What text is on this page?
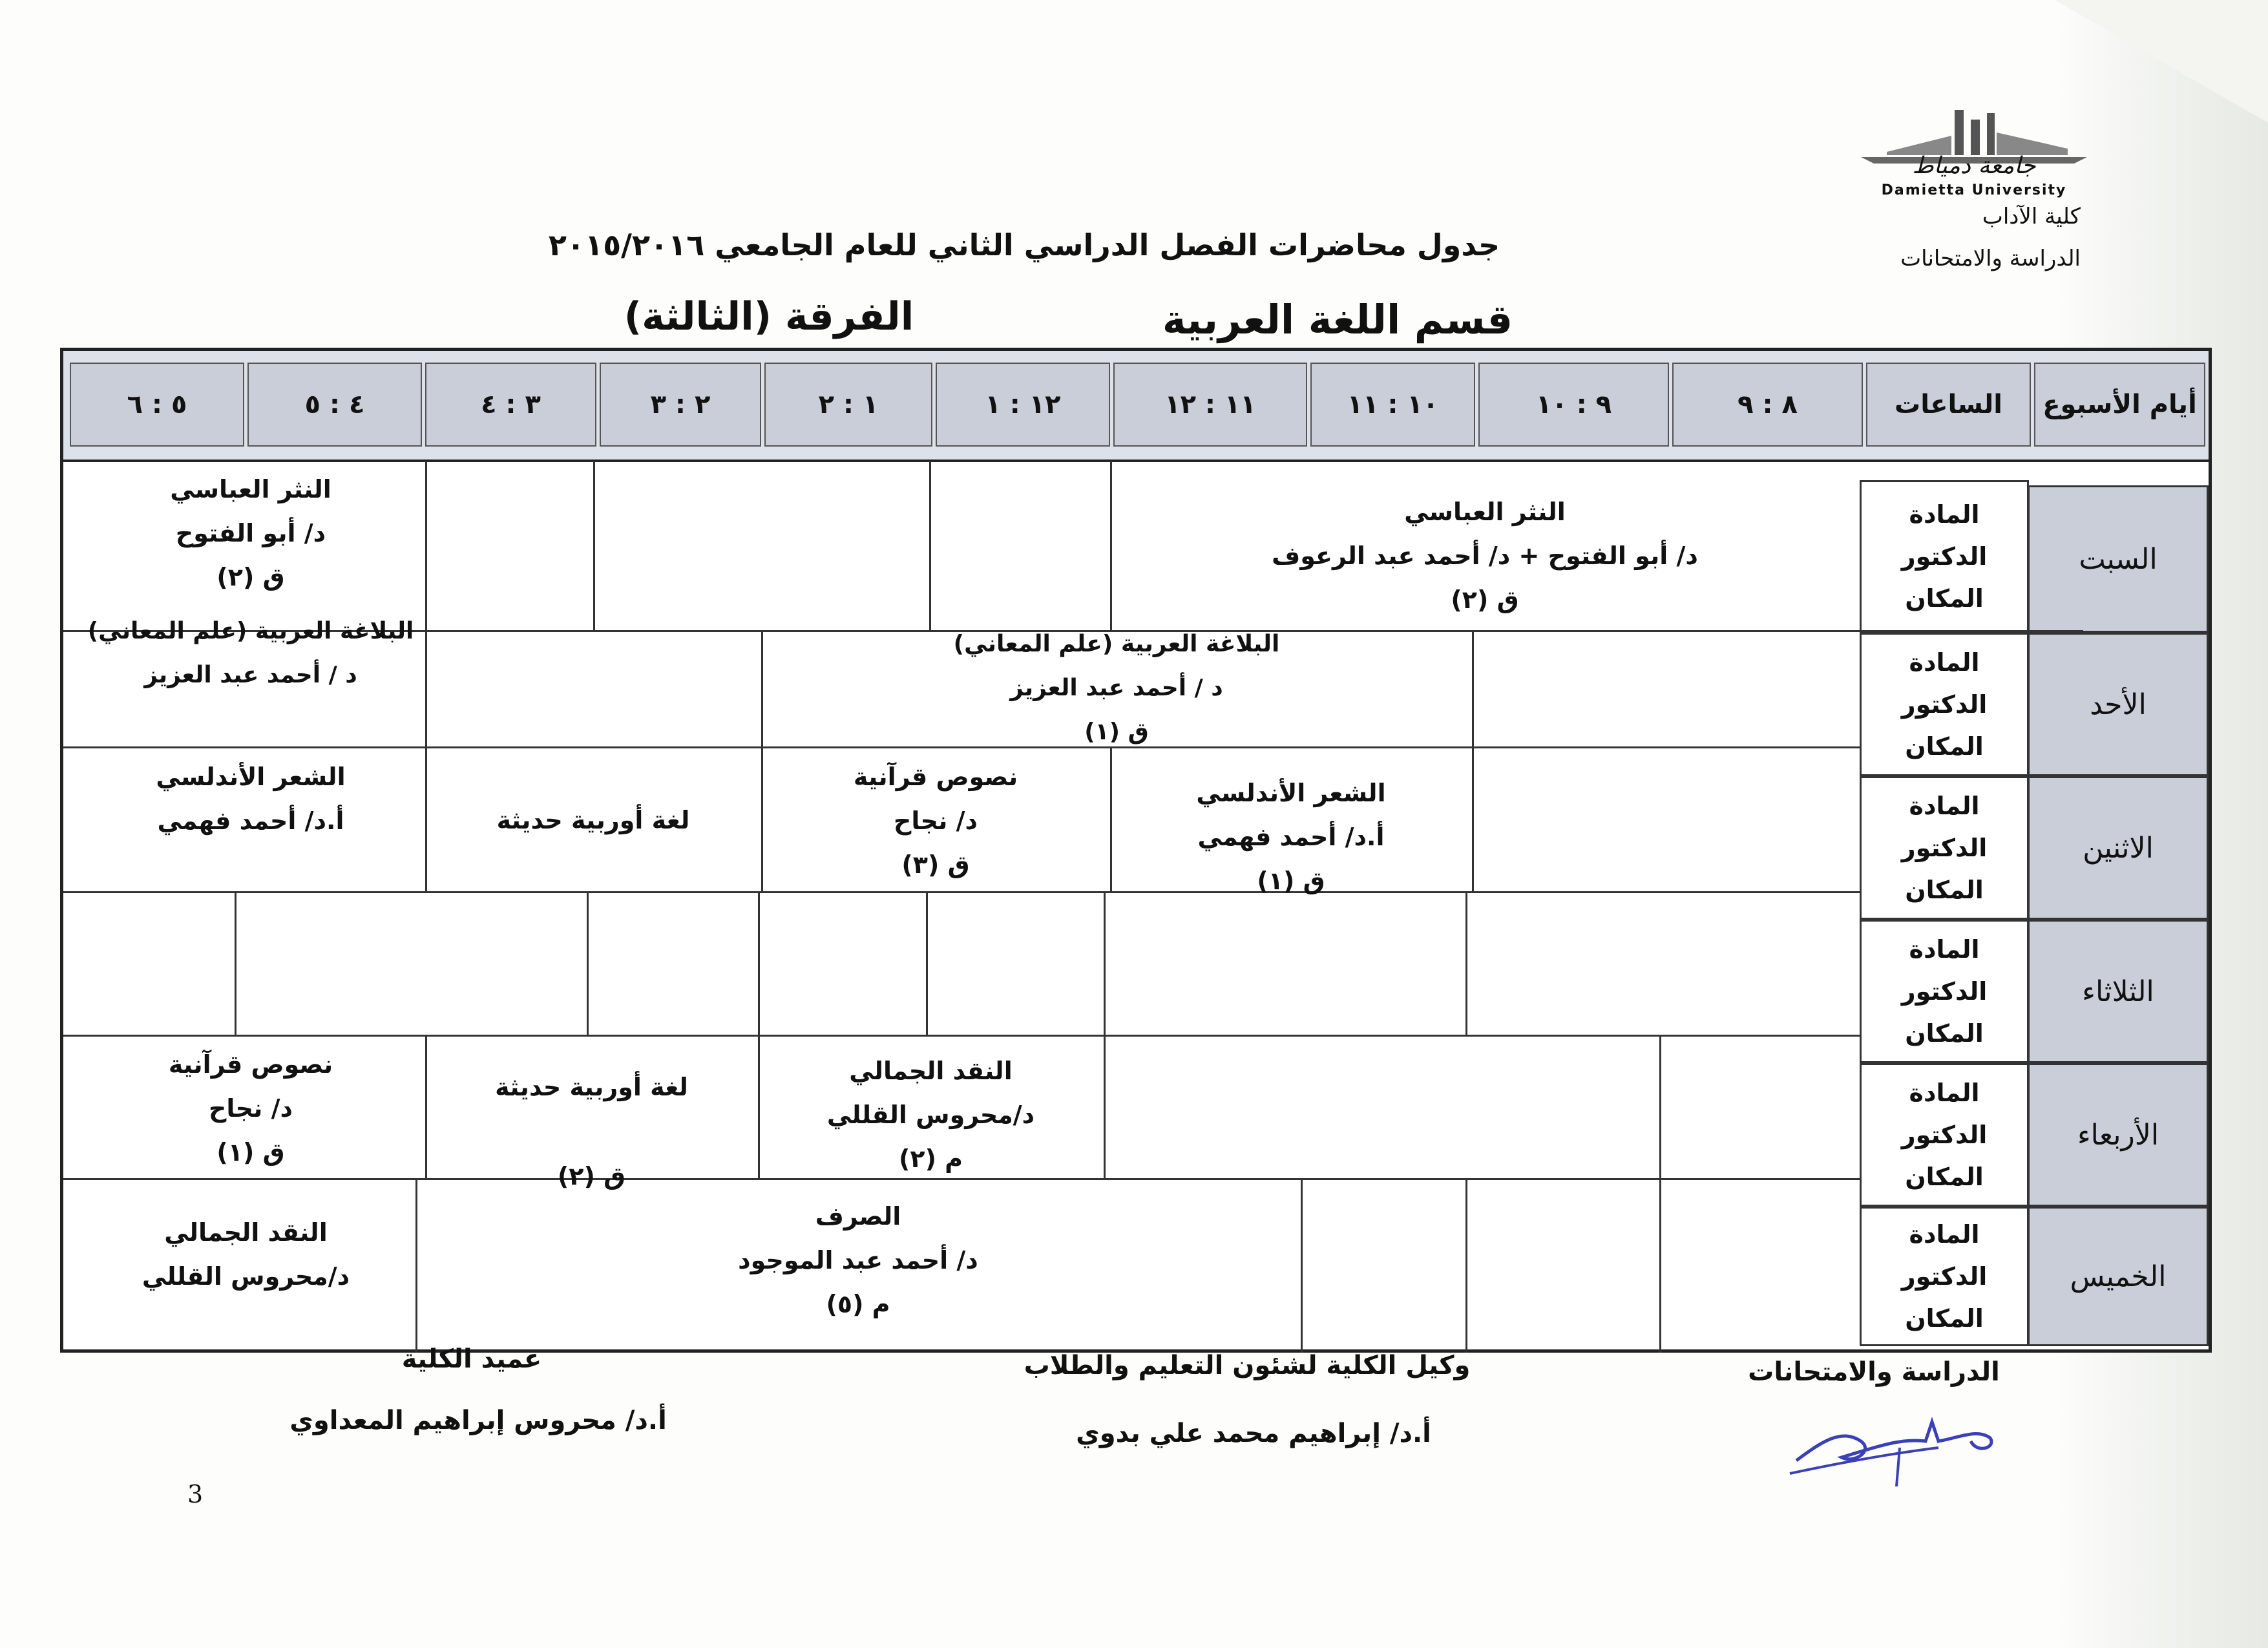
جامعة دمياط
Damietta University
كلية الآداب
الدراسة والامتحانات
جدول محاضرات الفصل الدراسي الثاني للعام الجامعي ٢٠١٥/٢٠١٦
قسم اللغة العربية
الفرقة (الثالثة)
أيام الأسبوع
الساعات
٨ : ٩
٩ : ١٠
١٠ : ١١
١١ : ١٢
١٢ : ١
١ : ٢
٢ : ٣
٣ : ٤
٤ : ٥
٥ : ٦
السبت
الأحد
الاثنين
الثلاثاء
الأربعاء
الخميس
المادة
الدكتور
المكان
المادة
الدكتور
المكان
المادة
الدكتور
المكان
المادة
الدكتور
المكان
المادة
الدكتور
المكان
المادة
الدكتور
المكان
النثر العباسي
د/ أبو الفتوح + د/ أحمد عبد الرعوف
ق (٢)
النثر العباسي
د/ أبو الفتوح
ق (٢)
البلاغة العربية (علم المعاني)
د / أحمد عبد العزيز
ق (١)
البلاغة العربية (علم المعاني)
د / أحمد عبد العزيز
الشعر الأندلسي
أ.د/ أحمد فهمي
ق (١)
نصوص قرآنية
د/ نجاح
ق (٣)
لغة أوربية حديثة
الشعر الأندلسي
أ.د/ أحمد فهمي
النقد الجمالي
د/محروس القللي
م (٢)
لغة أوربية حديثة
ق (٢)
نصوص قرآنية
د/ نجاح
ق (١)
الصرف
د/ أحمد عبد الموجود
م (٥)
النقد الجمالي
د/محروس القللي
عميد الكلية
أ.د/ محروس إبراهيم المعداوي
وكيل الكلية لشئون التعليم والطلاب
أ.د/ إبراهيم محمد علي بدوي
الدراسة والامتحانات
3
